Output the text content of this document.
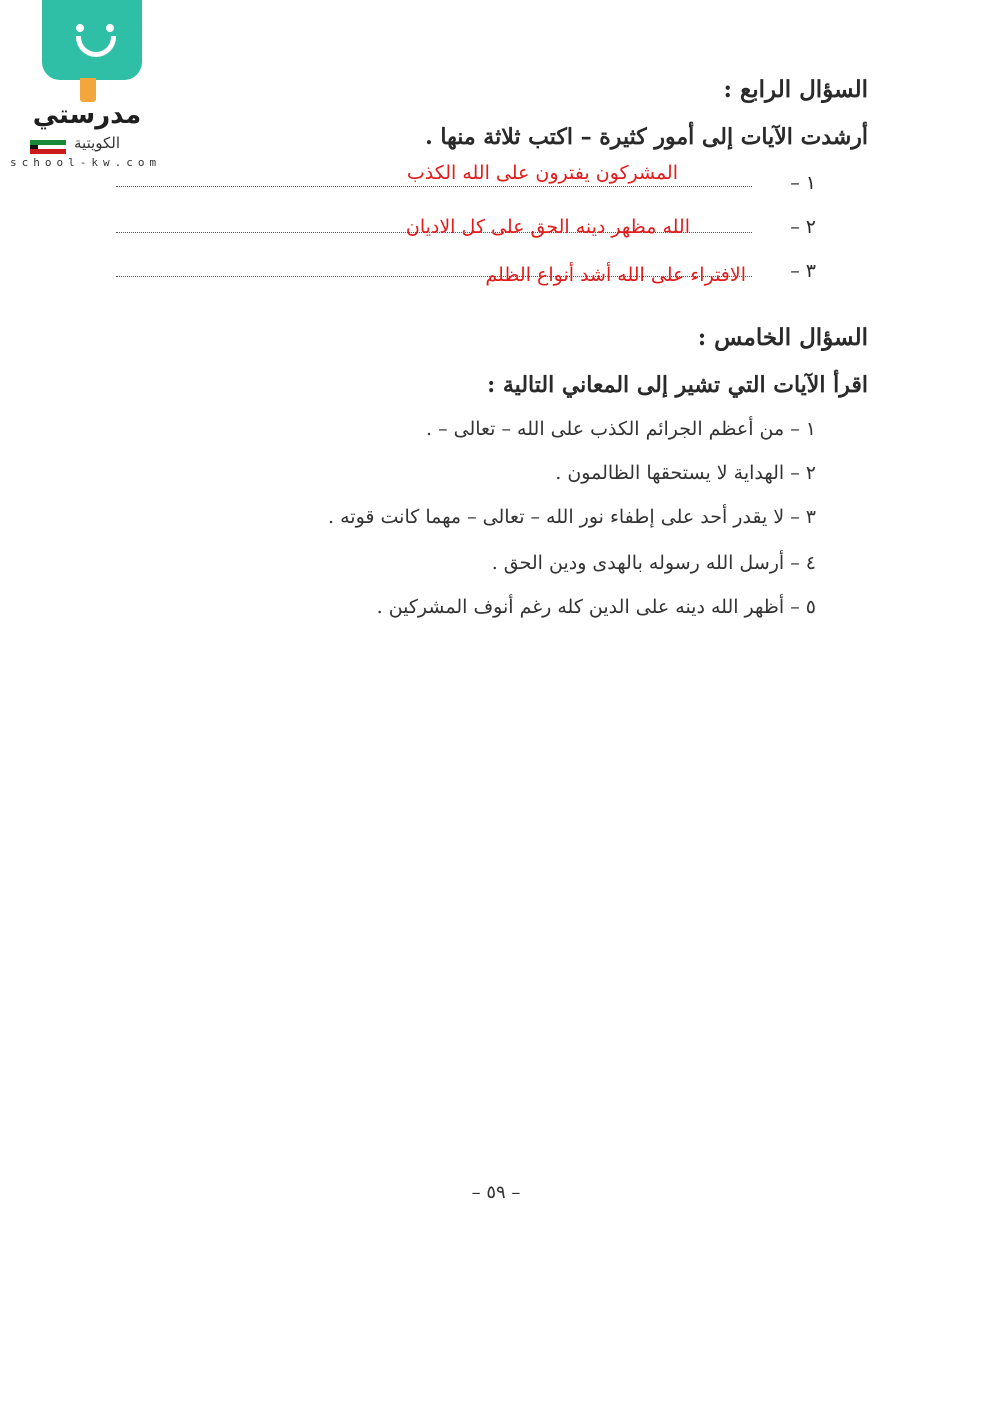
مدرستي
الكويتية
school-kw.com
السؤال الرابع :
أرشدت الآيات إلى أمور كثيرة – اكتب ثلاثة منها .
١ –
المشركون يفترون على الله الكذب
٢ –
الله مظهر دينه الحق على كل الاديان
٣ –
الافتراء على الله أشد أنواع الظلم
السؤال الخامس :
اقرأ الآيات التي تشير إلى المعاني التالية :
١ – من أعظم الجرائم الكذب على الله – تعالى – .
٢ – الهداية لا يستحقها الظالمون .
٣ – لا يقدر أحد على إطفاء نور الله – تعالى – مهما كانت قوته .
٤ – أرسل الله رسوله بالهدى ودين الحق .
٥ – أظهر الله دينه على الدين كله رغم أنوف المشركين .
– ٥٩ –
